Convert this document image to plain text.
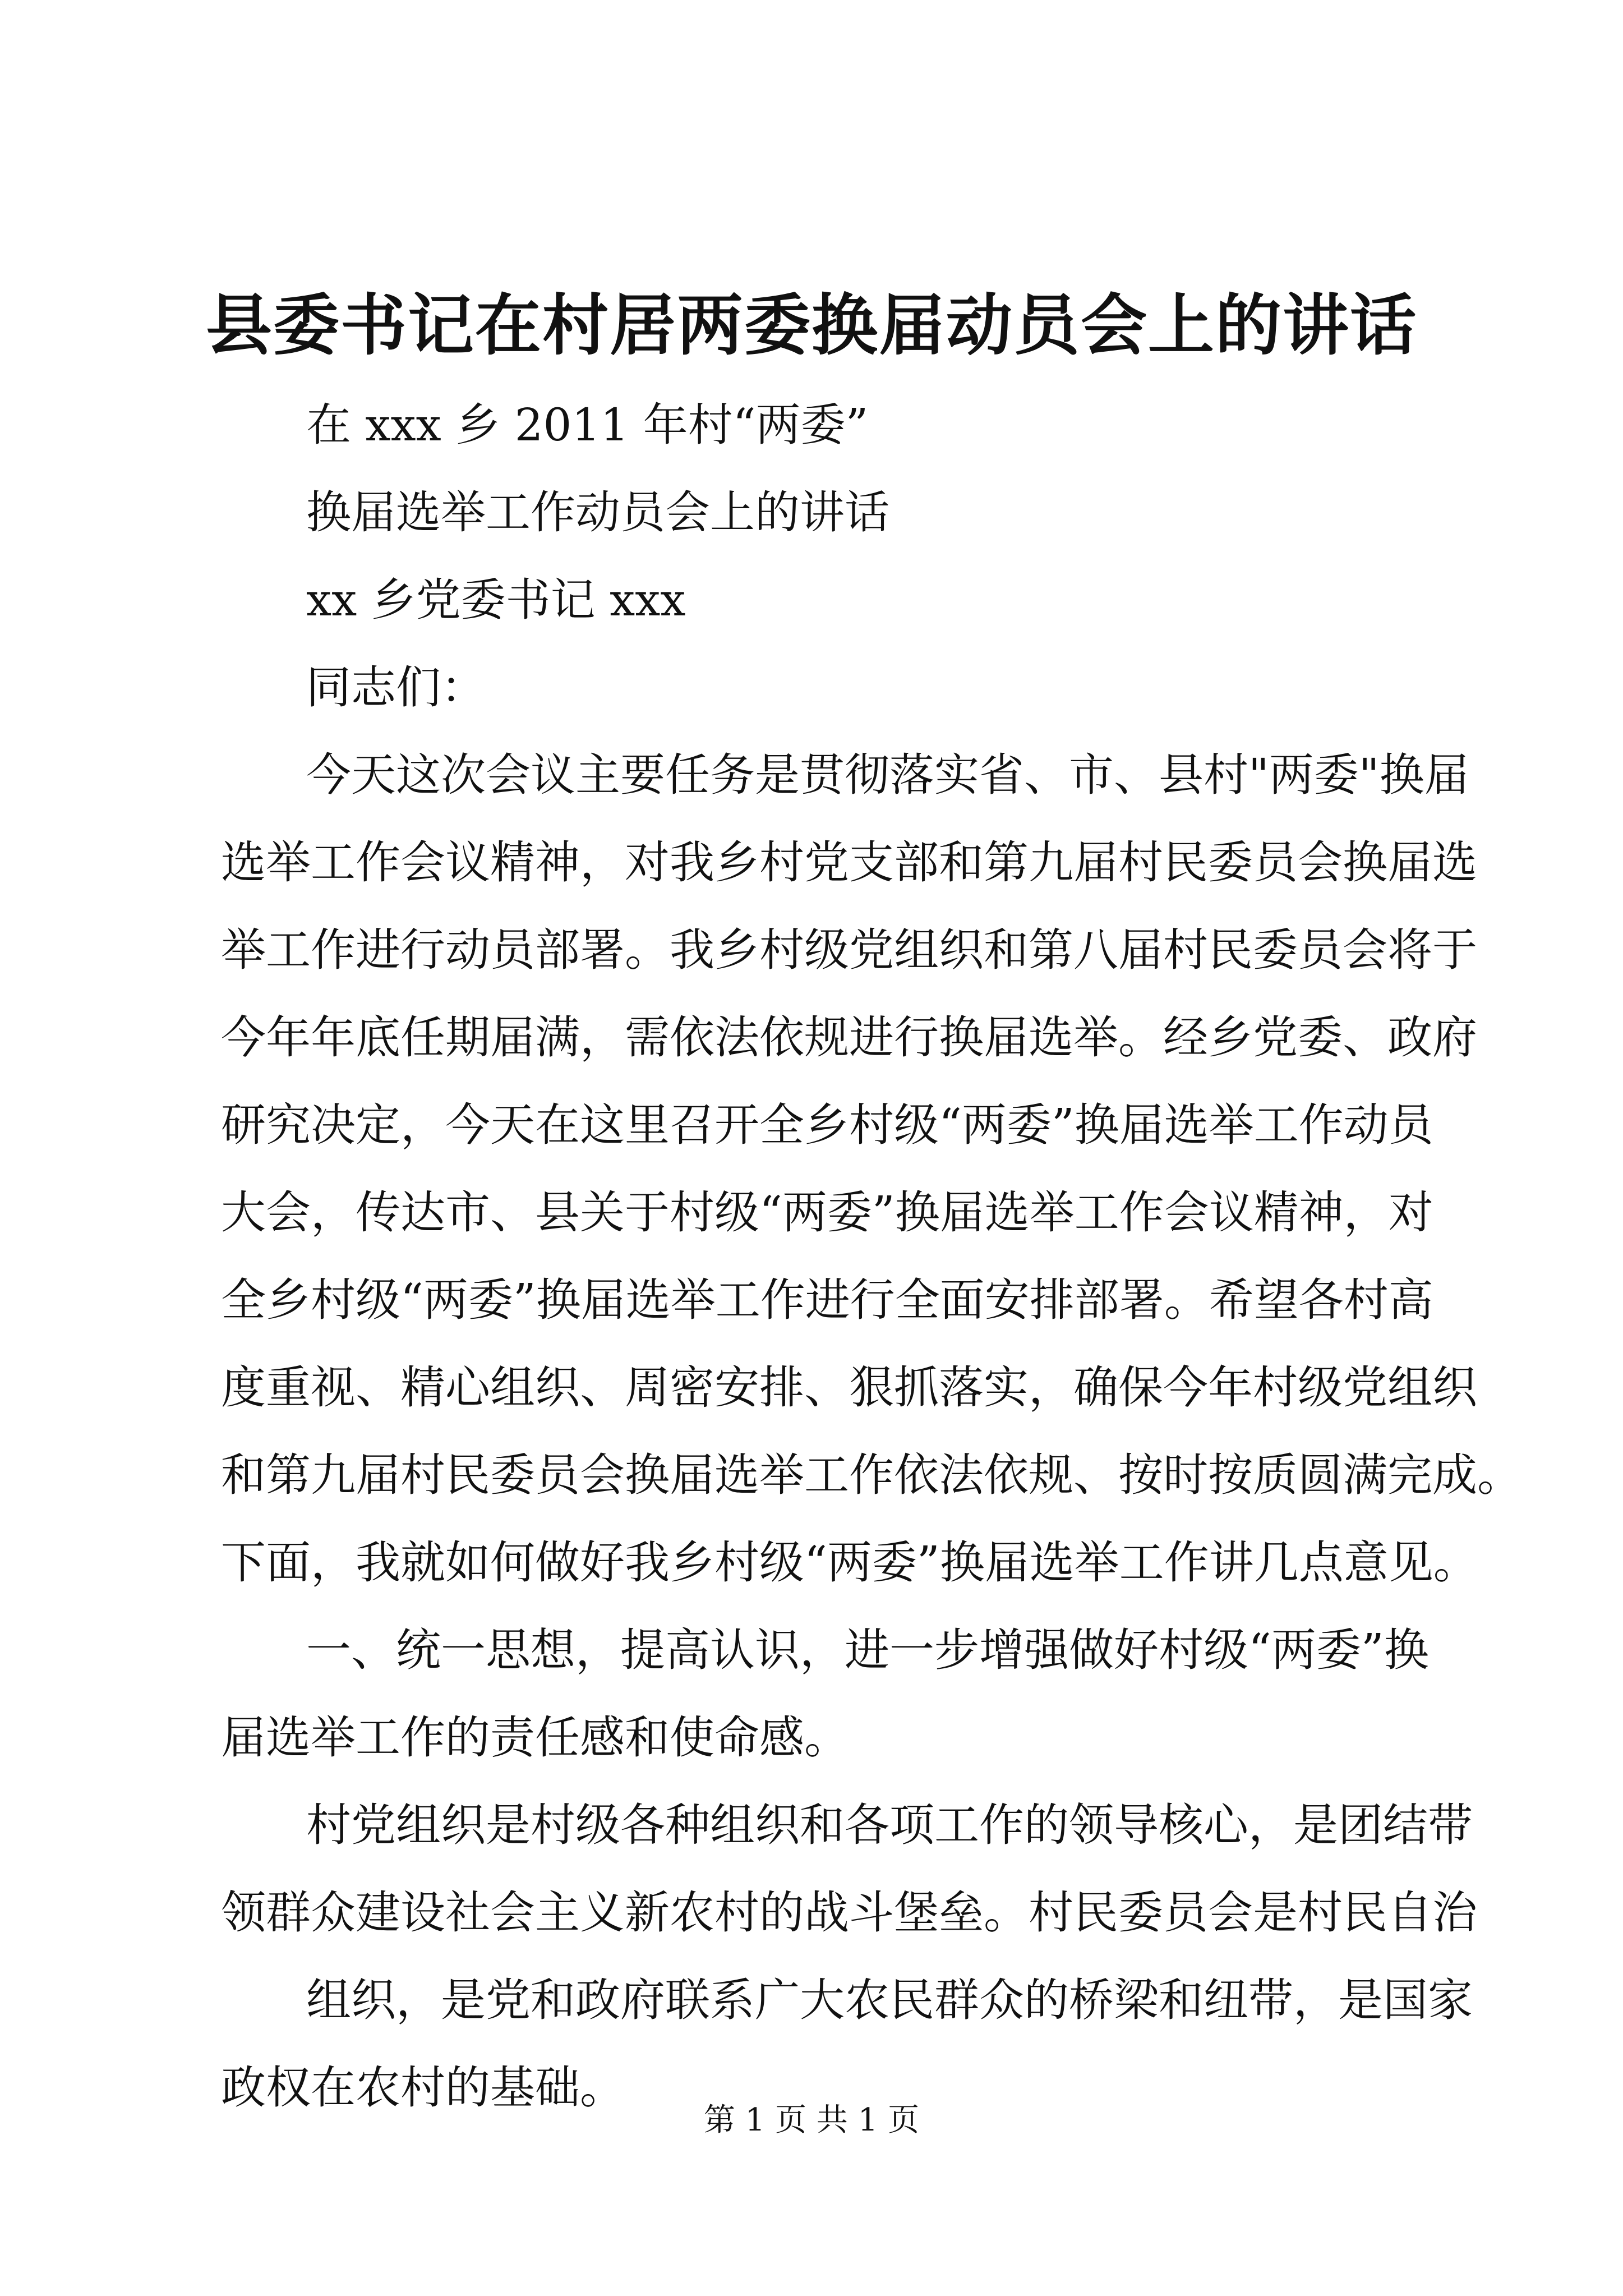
县委书记在村居两委换届动员会上的讲话
在 xxx 乡 2011 年村“两委”
换届选举工作动员会上的讲话
xx 乡党委书记 xxx
同志们：
今天这次会议主要任务是贯彻落实省、市、县村"两委"换届
选举工作会议精神，对我乡村党支部和第九届村民委员会换届选
举工作进行动员部署。我乡村级党组织和第八届村民委员会将于
今年年底任期届满，需依法依规进行换届选举。经乡党委、政府
研究决定，今天在这里召开全乡村级“两委”换届选举工作动员
大会，传达市、县关于村级“两委”换届选举工作会议精神，对
全乡村级“两委”换届选举工作进行全面安排部署。希望各村高
度重视、精心组织、周密安排、狠抓落实，确保今年村级党组织
和第九届村民委员会换届选举工作依法依规、按时按质圆满完成。
下面，我就如何做好我乡村级“两委”换届选举工作讲几点意见。
一、统一思想，提高认识，进一步增强做好村级“两委”换
届选举工作的责任感和使命感。
村党组织是村级各种组织和各项工作的领导核心，是团结带
领群众建设社会主义新农村的战斗堡垒。村民委员会是村民自治
组织，是党和政府联系广大农民群众的桥梁和纽带，是国家
政权在农村的基础。
第 1 页 共 1 页
